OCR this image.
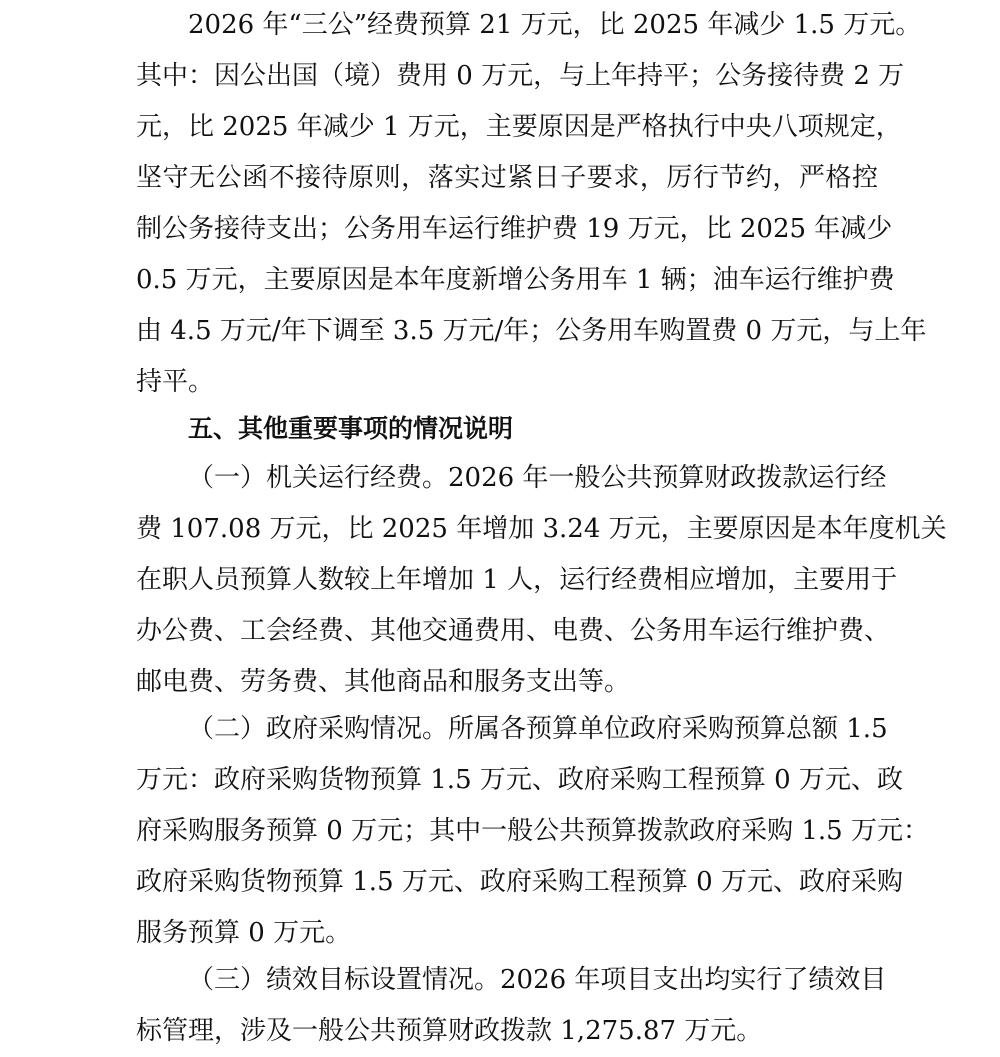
2026 年“三公”经费预算 21 万元，比 2025 年减少 1.5 万元。
其中：因公出国（境）费用 0 万元，与上年持平；公务接待费 2 万
元，比 2025 年减少 1 万元，主要原因是严格执行中央八项规定，
坚守无公函不接待原则，落实过紧日子要求，厉行节约，严格控
制公务接待支出；公务用车运行维护费 19 万元，比 2025 年减少
0.5 万元，主要原因是本年度新增公务用车 1 辆；油车运行维护费
由 4.5 万元/年下调至 3.5 万元/年；公务用车购置费 0 万元，与上年
持平。
五、其他重要事项的情况说明
（一）机关运行经费。2026 年一般公共预算财政拨款运行经
费 107.08 万元，比 2025 年增加 3.24 万元，主要原因是本年度机关
在职人员预算人数较上年增加 1 人，运行经费相应增加，主要用于
办公费、工会经费、其他交通费用、电费、公务用车运行维护费、
邮电费、劳务费、其他商品和服务支出等。
（二）政府采购情况。所属各预算单位政府采购预算总额 1.5
万元：政府采购货物预算 1.5 万元、政府采购工程预算 0 万元、政
府采购服务预算 0 万元；其中一般公共预算拨款政府采购 1.5 万元：
政府采购货物预算 1.5 万元、政府采购工程预算 0 万元、政府采购
服务预算 0 万元。
（三）绩效目标设置情况。2026 年项目支出均实行了绩效目
标管理，涉及一般公共预算财政拨款 1,275.87 万元。
